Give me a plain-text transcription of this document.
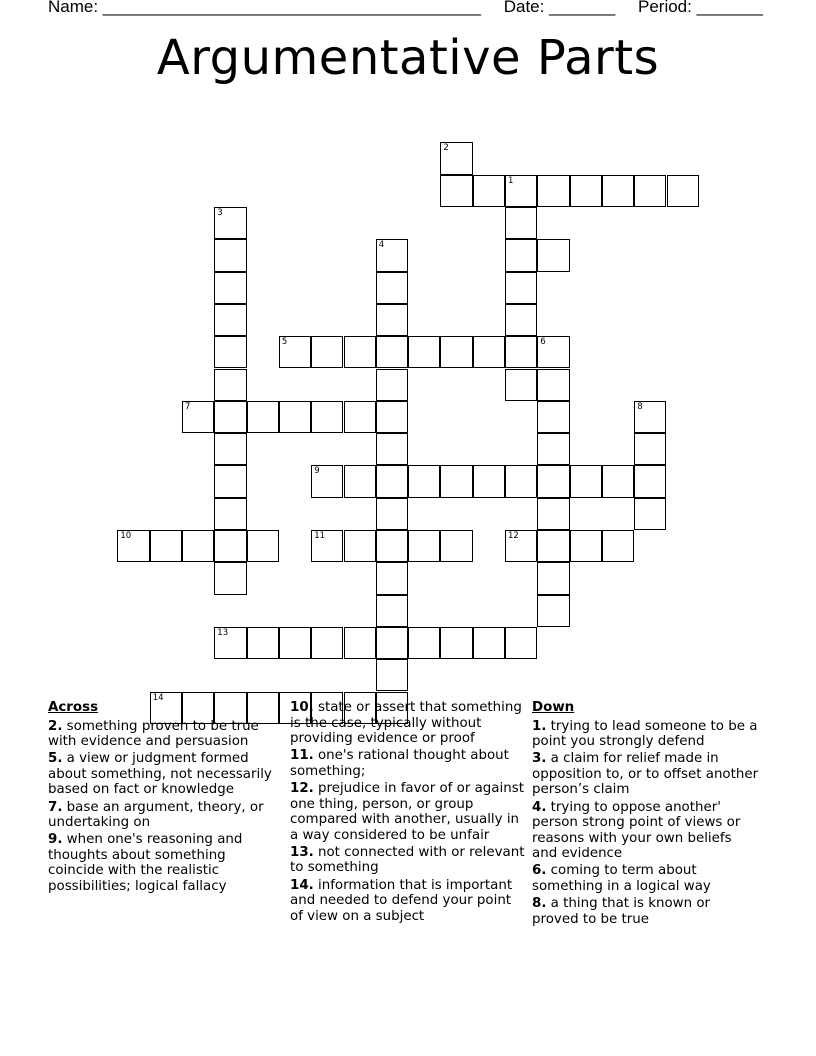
Name: ________________________________________ Date: _______ Period: _______
Argumentative Parts
1
2
3
4
5	6
7	8
9
10	11	12
13
14
Across
2. something proven to be true with evidence and persuasion
5. a view or judgment formed about something, not necessarily based on fact or knowledge
7. base an argument, theory, or undertaking on
9. when one's reasoning and thoughts about something coincide with the realistic possibilities; logical fallacy
10. state or assert that something is the case, typically without providing evidence or proof
11. one's rational thought about something;
12. prejudice in favor of or against one thing, person, or group compared with another, usually in a way considered to be unfair
13. not connected with or relevant to something
14. information that is important and needed to defend your point of view on a subject
Down
1. trying to lead someone to be a point you strongly defend
3. a claim for relief made in opposition to, or to offset another person’s claim
4. trying to oppose another' person strong point of views or reasons with your own beliefs and evidence
6. coming to term about something in a logical way
8. a thing that is known or proved to be true
